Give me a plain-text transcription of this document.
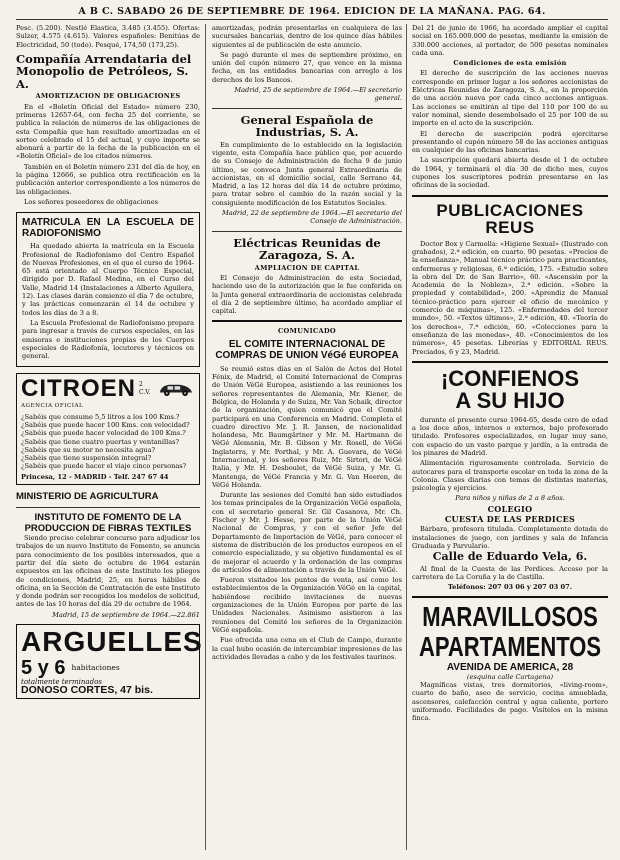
A B C. SABADO 26 DE SEPTIEMBRE DE 1964. EDICION DE LA MAÑANA. PAG. 64.

Pesc. (5.200). Nestlé Elastica, 3.485 (3.455). Ofertas: Sulzer, 4.575 (4.615). Valores españoles: Benitúas de Electricidad, 50 (todo). Pesqué, 174,50 (173,25).

Compañía Arrendataria del Monopolio de Petróleos, S. A.
AMORTIZACION DE OBLIGACIONES

En el «Boletín Oficial del Estado» número 230, primeras 12657-64, con fecha 25 del corriente, se publica la relación de números de las obligaciones de esta Compañía que han resultado amortizadas en el sorteo celebrado el 15 del actual, y cuyo importe se abonará a partir de la fecha de la publicación en el «Boletín Oficial» de los citados números.

También en el Boletín número 231 del día de hoy, en la página 12666, se publica otra rectificación en la publicación anterior correspondiente a los números de las obligaciones.

Los señores poseedores de obligaciones

MATRICULA EN LA ESCUELA DE RADIOFONISMO

Ha quedado abierta la matrícula en la Escuela Profesional de Radiofonismo del Centro Español de Nuevas Profesiones, en el que el curso de 1964-65 está orientado al Cuerpo Técnico Especial, dirigido por D. Rafael Medina, en el Curso del Valle, Madrid 14 (Instalaciones a Alberto Aguilera, 12). Las clases darán comienzo el día 7 de octubre, y las prácticas comenzarán el 14 de octubre y todos los días de 3 a 8.

La Escuela Profesional de Radiofonismo prepara para ingresar a través de cursos especiales, en las emisoras e instituciones propias de los Cuerpos especiales de Radiofonía, locutores y técnicos en general.

CITROEN 2 C.V.
AGENCIA OFICIAL
¿Sabéis que consume 5,5 litros a los 100 Kms.?
¿Sabéis que puede hacer 100 Kms. con velocidad?
¿Sabéis que puede hacer velocidad de 100 Kms.?
¿Sabéis que tiene cuatro puertas y ventanillas?
¿Sabéis que su motor no necesita agua?
¿Sabéis que tiene suspensión integral?
¿Sabéis que puede hacer el viaje cinco personas?
Princesa, 12 - MADRID - Telf. 247 67 44
MINISTERIO DE AGRICULTURA
INSTITUTO DE FOMENTO DE LA PRODUCCION DE FIBRAS TEXTILES

Siendo preciso celebrar concurso para adjudicar los trabajos de un nuevo Instituto de Fomento, se anuncia para conocimiento de los posibles interesados, que a partir del día siete de octubre de 1964 estarán expuestos en las oficinas de este Instituto los pliegos de condiciones, Madrid, 25, en horas hábiles de oficina, en la Sección de Contratación de este Instituto y donde podrán ser recogidos los modelos de solicitud, antes de las 10 horas del día 29 de octubre de 1964.

Madrid, 15 de septiembre de 1964.—22.861
ARGUELLES
5 y 6 habitaciones
totalmente terminados
DONOSO CORTES, 47 bis.

amortizadas, podrán presentarlas en cualquiera de las sucursales bancarias, dentro de los quince días hábiles siguientes al de publicación de este anuncio.

Se pagó durante el mes de septiembre próximo, en unión del cupón número 27, que vence en la misma fecha, en las entidades bancarias con arreglo a los derechos de los Bancos.

Madrid, 25 de septiembre de 1964.—El secretario general.
General Española de Industrias, S. A.

En cumplimiento de lo establecido en la legislación vigente, esta Compañía hace público que, por acuerdo de su Consejo de Administración de fecha 9 de junio último, se convoca Junta general Extraordinaria de accionistas, en el domicilio social, calle Serrano 44, Madrid, a las 12 horas del día 14 de octubre próximo, para tratar sobre el cambio de la razón social y la consiguiente modificación de los Estatutos Sociales.

Madrid, 22 de septiembre de 1964.—El secretario del Consejo de Administración.
Eléctricas Reunidas de Zaragoza, S. A.
AMPLIACION DE CAPITAL

El Consejo de Administración de esta Sociedad, haciendo uso de la autorización que le fue conferida en la Junta general extraordinaria de accionistas celebrada el día 2 de septiembre último, ha acordado ampliar el capital.

COMUNICADO
EL COMITE INTERNACIONAL DE COMPRAS DE UNION VéGé EUROPEA

Se reunió estos días en el Salón de Actos del Hotel Fénix, de Madrid, el Comité Internacional de Compras de Unión VéGé Europea, asistiendo a las reuniones los señores representantes de Alemania, Mr. Kiener, de Bélgica, de Holanda y de Suiza, Mr. Van Schaik, director de la organización, quien comunicó que el Comité participará en una Conferencia en Madrid. Completa el cuadro directivo Mr. J. R. Jansen, de nacionalidad holandesa, Mr. Baumgärtner y Mr. M. Hartmann de VéGé Alemania, Mr. B. Gibson y Mr. Rosell, de VéGé Inglaterra, y Mr. Porthal, y Mr. A. Guevara, de VéGé Internacional, y los señores Ruiz, Mr. Sirtori, de VéGé Italia, y Mr. H. Desboulet, de VéGé Suiza, y Mr. G. Mantenga, de VéGé Francia y Mr. G. Van Heeren, de VéGé Holanda.

Durante las sesiones del Comité han sido estudiados los temas principales de la Organización VéGé española, con el secretario general Sr. Gil Casanova, Mr. Ch. Fischer y Mr. J. Hesse, por parte de la Unión VéGé Nacional de Compras, y con el señor Jefe del Departamento de Importación de VéGé, para conocer el sistema de distribución de los productos europeos en el comercio especializado, y su objetivo fundamental es el de mejorar el acuerdo y la ordenación de las compras de artículos de alimentación a través de la Unión VéGé.

Fueron visitados los puntos de venta, así como los establecimientos de la Organización VéGé en la capital, habiéndose recibido invitaciones de nuevas organizaciones de la Unión Europea por parte de las Unidades Nacionales. Asimismo asistieron a las reuniones del Comité los señores de la Organización VéGé española.

Fue ofrecida una cena en el Club de Campo, durante la cual hubo ocasión de intercambiar impresiones de las actividades llevadas a cabo y de los festivales taurinos.

Del 21 de junio de 1966, ha acordado ampliar el capital social en 165.000.000 de pesetas, mediante la emisión de 330.000 acciones, al portador, de 500 pesetas nominales cada una.

Condiciones de esta emisión

El derecho de suscripción de las acciones nuevas corresponde en primer lugar a los señores accionistas de Eléctricas Reunidas de Zaragoza, S. A., en la proporción de una acción nueva por cada cinco acciones antiguas. Las acciones se emitirán al tipo del 110 por 100 de su valor nominal, siendo desembolsado el 25 por 100 de su importe en el acto de la suscripción.

El derecho de suscripción podrá ejercitarse presentando el cupón número 58 de las acciones antiguas en cualquier de las oficinas bancarias.

La suscripción quedará abierta desde el 1 de octubre de 1964, y terminará el día 30 de dicho mes, cuyos cupones los suscriptores podrán presentarse en las oficinas de la sociedad.

PUBLICACIONES REUS

Doctor Box y Carmella: «Higiene Sexual» (Ilustrado con grabados), 2.ª edición, en cuarto. 90 pesetas. «Precios de la enseñanza», Manual técnico práctico para practicantes, enfermeras y religiosas, 6.ª edición, 175. «Estudio sobre la obra del Dr. de San Barrio», 60. «Ascensión por la Academia de la Nobleza», 2.ª edición. «Sobre la propiedad y contabilidad», 200. «Aprendiz de Manual técnico-práctico para ejercer el oficio de mecánico y comercio de máquinas», 125. «Enfermedades del tercer mundo», 50. «Textos últimos», 2.ª edición, 40. «Teoría de los derechos», 7.ª edición, 60. «Colecciones para la enseñanza de las monedas», 40. «Conocimientos de los números», 45 pesetas. Librerías y EDITORIAL REUS. Preciados, 6 y 23, Madrid.

¡CONFIENOS
A SU HIJO

durante el presente curso 1964-65, desde cero de edad a los doce años, internos o externos, bajo profesorado titulado. Profesores especializados, en lugar muy sano, con espacio de un vasto parque y jardín, a la entrada de los pinares de Madrid.

Alimentación rigurosamente controlada. Servicio de autocares para el transporte escolar en toda la zona de la Colonia. Clases diarias con temas de distintas materias, psicología y ejercicios.

Para niños y niñas de 2 a 8 años.
COLEGIO
CUESTA DE LAS PERDICES

Bárbara, profesora titulada. Completamente dotada de instalaciones de juego, con jardines y sala de Infancia Graduada y Parvulario.

Calle de Eduardo Vela, 6.

Al final de la Cuesta de las Perdices. Acceso por la carretera de La Coruña y la de Castilla.

Teléfonos: 207 03 06 y 207 03 07.
MARAVILLOSOS
APARTAMENTOS
AVENIDA DE AMERICA, 28
(esquina calle Cartagena)

Magníficas vistas, tres dormitorios, «living-room», cuarto de baño, aseo de servicio, cocina amueblada, ascensores, calefacción central y agua caliente, portero uniformado. Facilidades de pago. Visítelos en la misma finca.
